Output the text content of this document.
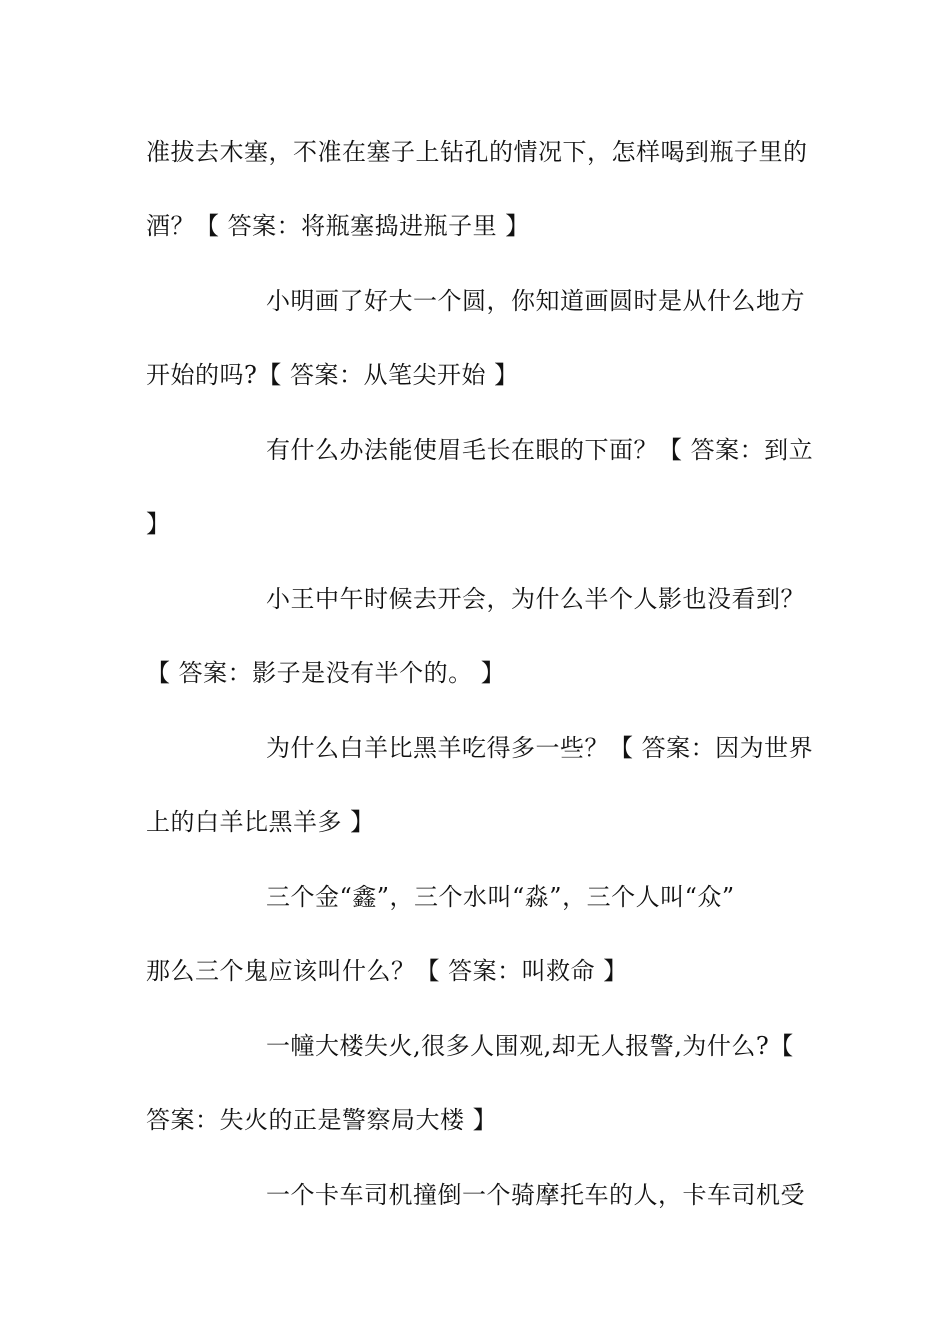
准拔去木塞，不准在塞子上钻孔的情况下，怎样喝到瓶子里的
酒？【 答案：将瓶塞捣进瓶子里 】
小明画了好大一个圆，你知道画圆时是从什么地方
开始的吗?【 答案：从笔尖开始 】
有什么办法能使眉毛长在眼的下面？【 答案：到立
】
小王中午时候去开会，为什么半个人影也没看到？
【 答案：影子是没有半个的。 】
为什么白羊比黑羊吃得多一些？【 答案：因为世界
上的白羊比黑羊多 】
三个金“鑫”，三个水叫“淼”，三个人叫“众”
那么三个鬼应该叫什么？【 答案：叫救命 】
一幢大楼失火,很多人围观,却无人报警,为什么?【
答案：失火的正是警察局大楼 】
一个卡车司机撞倒一个骑摩托车的人，卡车司机受
